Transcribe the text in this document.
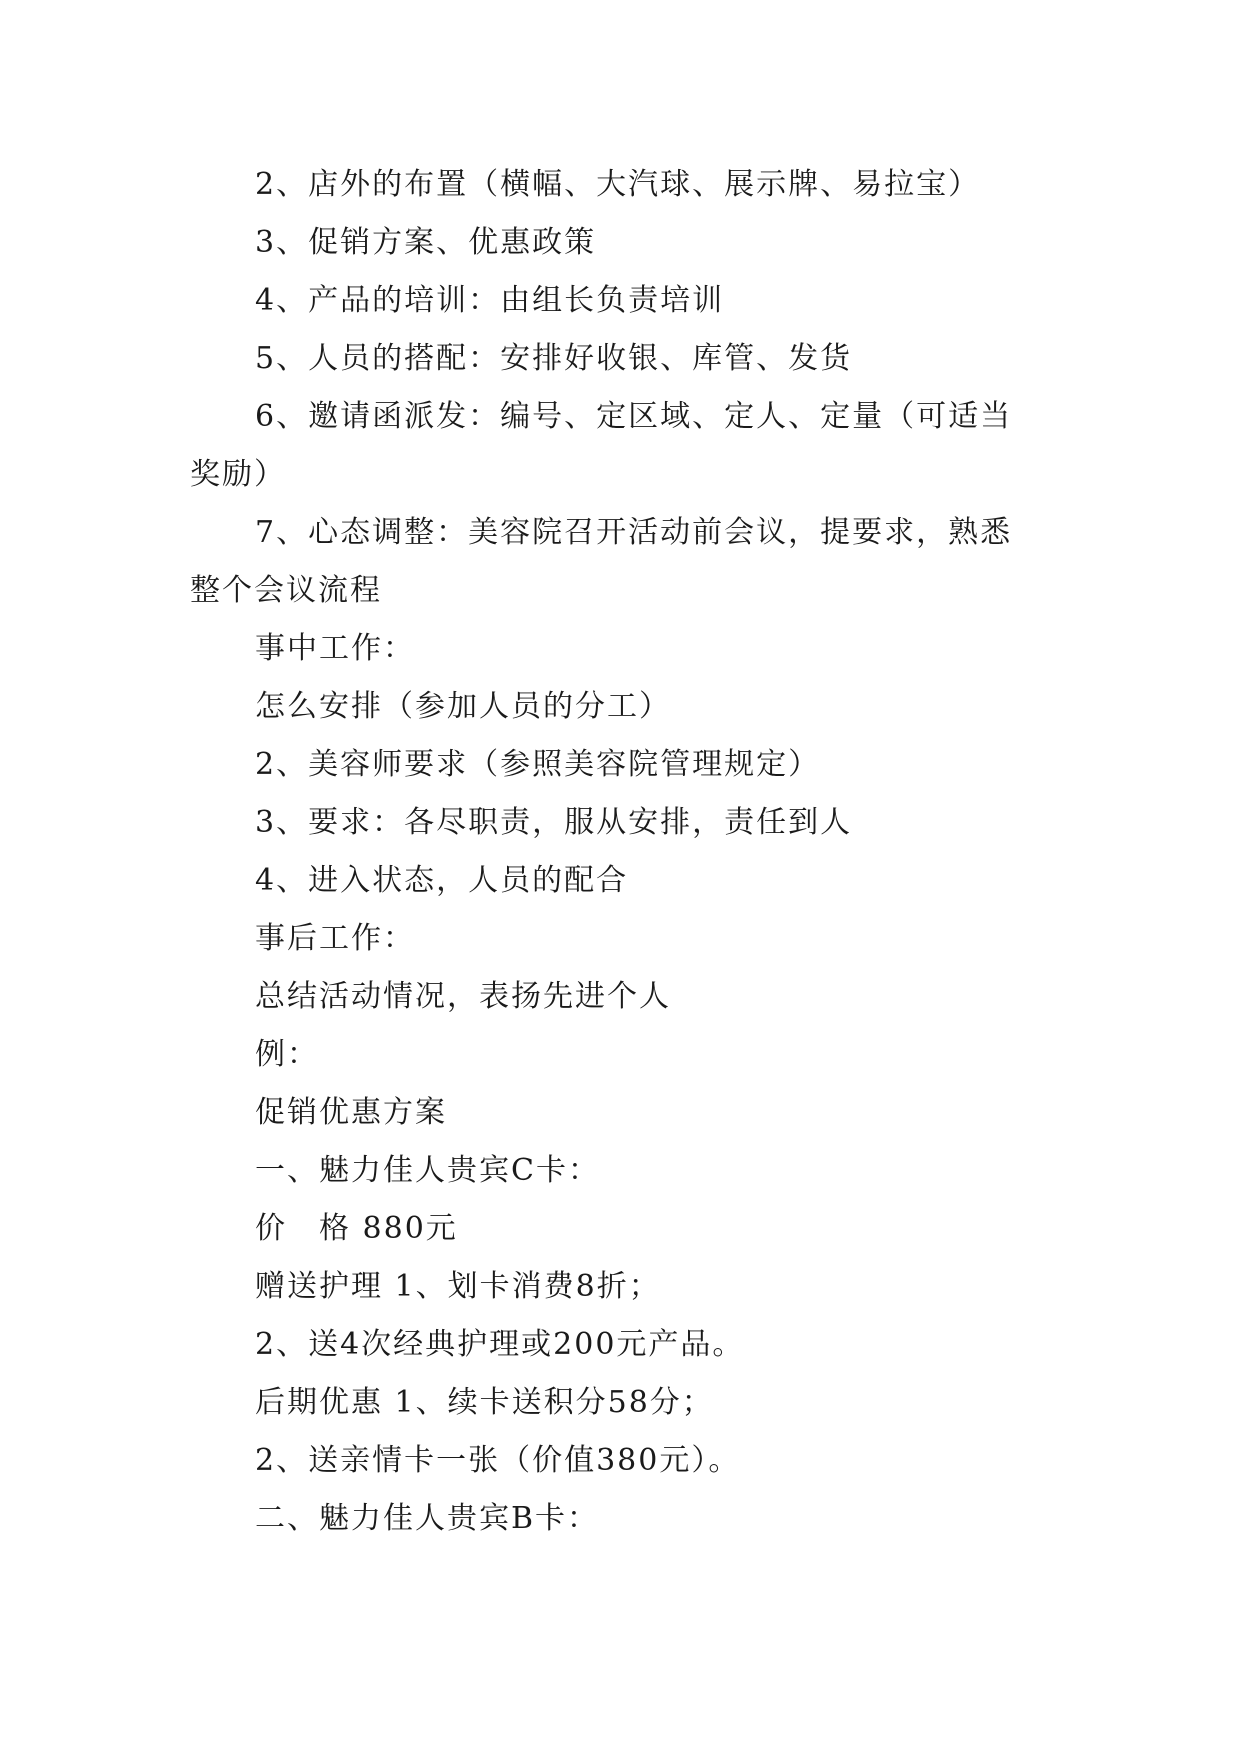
2、店外的布置（横幅、大汽球、展示牌、易拉宝）
3、促销方案、优惠政策
4、产品的培训：由组长负责培训
5、人员的搭配：安排好收银、库管、发货
6、邀请函派发：编号、定区域、定人、定量（可适当
奖励）
7、心态调整：美容院召开活动前会议，提要求，熟悉
整个会议流程
事中工作：
怎么安排（参加人员的分工）
2、美容师要求（参照美容院管理规定）
3、要求：各尽职责，服从安排，责任到人
4、进入状态，人员的配合
事后工作：
总结活动情况，表扬先进个人
例：
促销优惠方案
一、魅力佳人贵宾C卡：
价　格 880元
赠送护理 1、划卡消费8折；
2、送4次经典护理或200元产品。
后期优惠 1、续卡送积分58分；
2、送亲情卡一张（价值380元）。
二、魅力佳人贵宾B卡：
